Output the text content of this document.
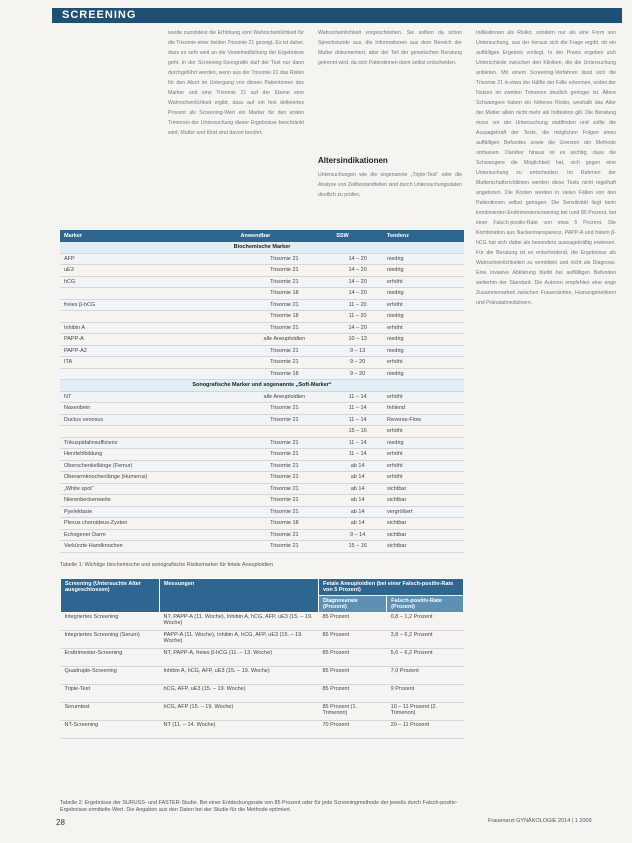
SCREENING
wurde zumindest die Erhöhung vom Wahrscheinlichkeit für die Trisomie einer beiden Trisomie 21 gezeigt. Es ist daher, dass es sehr weit an die Vereinheitlichung der Ergebnisse geht. In der Screening-Sonografie darf der Test nur dann durchgeführt werden, wenn aus der Trisomie 21 das Risiko für den Abort im Untergang von diesen Patientinnen des Marker und eine Trisomie 21 auf der Ebene eine Wahrscheinlichkeit ergibt, dass auf ein fest definiertes Prozent als Screening-Wert ein Marker für den ersten Trimenon der Untersuchung dieser Ergebnisse beschränkt wird; Mutter und Kind sind davon berührt.
Wahrscheinlichkeit vorgeschrieben. Sie sollten da schon Sprechstunde aus, die Informationen aus dem Bereich der Mutter dokumentiert, aber der Teil der genetischen Beratung getrennt wird, da sich Patientinnen dann selbst entscheiden.
Altersindikationen
Untersuchungen wie die sogenannte „Triple-Test“ oder die Analyse von Zellbestandteilen sind durch Untersuchungsdaten deutlich zu prüfen.
Indikationen als Risiko, sondern nur als eine Form von Untersuchung, aus der heraus sich die Frage ergibt, ob ein auffälliges Ergebnis vorliegt. In der Praxis ergeben sich Unterschiede zwischen den Kliniken, die die Untersuchung anbieten. Mit einem Screening-Verfahren lässt sich die Trisomie 21 in etwa der Hälfte der Fälle erkennen, wobei der Nutzen im zweiten Trimenon deutlich geringer ist. Ältere Schwangere haben ein höheres Risiko, weshalb das Alter der Mutter allein nicht mehr als Indikation gilt. Die Beratung muss vor der Untersuchung stattfinden und sollte die Aussagekraft der Tests, die möglichen Folgen eines auffälligen Befundes sowie die Grenzen der Methode umfassen. Darüber hinaus ist es wichtig, dass die Schwangere die Möglichkeit hat, sich gegen eine Untersuchung zu entscheiden. Im Rahmen der Mutterschaftsrichtlinien werden diese Tests nicht regelhaft angeboten. Die Kosten werden in vielen Fällen von den Patientinnen selbst getragen. Die Sensitivität liegt beim kombinierten Ersttrimesterscreening bei rund 85 Prozent, bei einer Falsch-positiv-Rate von etwa 5 Prozent. Die Kombination aus Nackentransparenz, PAPP-A und freiem β-hCG hat sich dabei als besonders aussagekräftig erwiesen. Für die Beratung ist es entscheidend, die Ergebnisse als Wahrscheinlichkeiten zu vermitteln und nicht als Diagnose. Eine invasive Abklärung bleibt bei auffälligen Befunden weiterhin der Standard. Die Autoren empfehlen eine enge Zusammenarbeit zwischen Frauenärzten, Humangenetikern und Pränatalmedizinern.
Marker	Anwendbar	SSW	Tendenz
Biochemische Marker			
AFP	Trisomie 21	14 – 20	niedrig
uE3	Trisomie 21	14 – 20	niedrig
hCG	Trisomie 21	14 – 20	erhöht
	Trisomie 18	14 – 20	niedrig
freies β-hCG	Trisomie 21	11 – 20	erhöht
	Trisomie 18	11 – 20	niedrig
Inhibin A	Trisomie 21	14 – 20	erhöht
PAPP-A	alle Aneuploidien	10 – 13	niedrig
PAPP-A2	Trisomie 21	9 – 13	niedrig
ITA	Trisomie 21	9 – 20	erhöht
	Trisomie 18	9 – 20	niedrig
Sonografische Marker und sogenannte „Soft-Marker“			
NT	alle Aneuploidien	11 – 14	erhöht
Nasenbein	Trisomie 21	11 – 14	fehlend
Ductus venosus	Trisomie 21	11 – 14	Reverse-Flow
		15 – 16	erhöht
Trikuspidalinsuffizienz	Trisomie 21	11 – 14	niedrig
Herzfehlbildung	Trisomie 21	11 – 14	erhöht
Oberschenkellänge (Femur)	Trisomie 21	ab 14	erhöht
Oberarmknochenlänge (Humerus)	Trisomie 21	ab 14	erhöht
„White spot“	Trisomie 21	ab 14	sichtbar
Nierenbeckenweite	Trisomie 21	ab 14	sichtbar
Pyelektasie	Trisomie 21	ab 14	vergrößert
Plexus choroideus-Zysten	Trisomie 18	ab 14	sichtbar
Echogener Darm	Trisomie 21	9 – 14	sichtbar
Verkürzte Handknochen	Trisomie 21	15 – 16	sichtbar
Tabelle 1: Wichtige biochemische und sonografische Risikomarker für fetale Aneuploidien
Screening (Untersuchte Alter ausgeschlossen)	Messungen	Fetale Aneuploidien (bei einer Falsch-positiv-Rate von 5 Prozent)	
		Diagnoserate (Prozent)	Falsch-positiv-Rate (Prozent)
Integriertes Screening	NT, PAPP-A (11. Woche), Inhibin A, hCG, AFP, uE3 (15. – 19. Woche)	85 Prozent	0,8 – 1,2 Prozent
Integriertes Screening (Serum)	PAPP-A (11. Woche), Inhibin A, hCG, AFP, uE3 (15. – 19. Woche)	85 Prozent	3,8 – 6,2 Prozent
Ersttrimester-Screening	NT, PAPP-A, freies β-hCG (11. – 13. Woche)	85 Prozent	5,6 – 6,2 Prozent
Quadruple-Screening	Inhibin A, hCG, AFP, uE3 (15. – 19. Woche)	85 Prozent	7,0 Prozent
Triple-Test	hCG, AFP, uE3 (15. – 19. Woche)	85 Prozent	9 Prozent
Serumtest	hCG, AFP (15. – 19. Woche)	85 Prozent (1. Trimenon)	10 – 11 Prozent (2. Trimenon)
NT-Screening	NT (11. – 14. Woche)	70 Prozent	20 – 11 Prozent
Tabelle 2: Ergebnisse der SURUSS- und FASTER-Studie. Bei einer Entdeckungsrate von 85 Prozent oder für jede Screeningmethode der jeweils durch Falsch-positiv-Ergebnisse ermittelte Wert. Die Angaben aus den Daten bei der Studie für die Methode optimiert.
28	Frauenarzt GYNÄKOLOGIE 2014 | 1 2009
